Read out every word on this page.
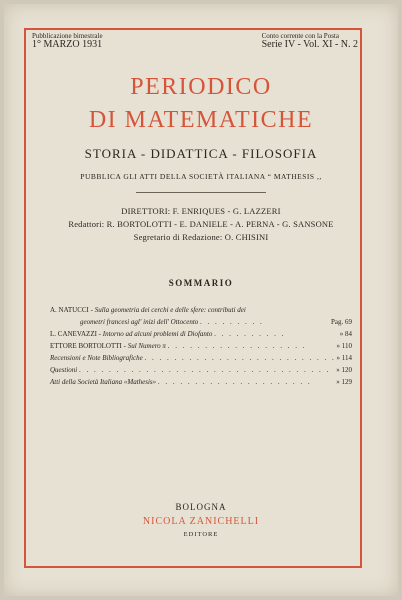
Pubblicazione bimestrale
1° MARZO 1931
Conto corrente con la Posta
Serie IV - Vol. XI - N. 2
PERIODICO
DI MATEMATICHE
STORIA - DIDATTICA - FILOSOFIA
PUBBLICA GLI ATTI DELLA SOCIETÀ ITALIANA “ MATHESIS ,,
DIRETTORI: F. ENRIQUES - G. LAZZERI
Redattori: R. BORTOLOTTI - E. DANIELE - A. PERNA - G. SANSONE
Segretario di Redazione: O. CHISINI
SOMMARIO
A. NATUCCI - Sulla geometria dei cerchi e delle sfere: contributi dei
geometri francesi agl' inizi dell' Ottocento . . . . . . . . .	Pag. 69
L. CANEVAZZI - Intorno ad alcuni problemi di Diofanto . . . . . . . . . .	» 84
ETTORE BORTOLOTTI - Sul Numero π . . . . . . . . . . . . . . . . . . .	» 110
Recensioni e Note Bibliografiche . . . . . . . . . . . . . . . . . . . . . . . . . . » 114
Questioni . . . . . . . . . . . . . . . . . . . . . . . . . . . . . . . . . . » 120
Atti della Società Italiana «Mathesis» . . . . . . . . . . . . . . . . . . . . .	» 129
BOLOGNA
NICOLA ZANICHELLI
EDITORE
